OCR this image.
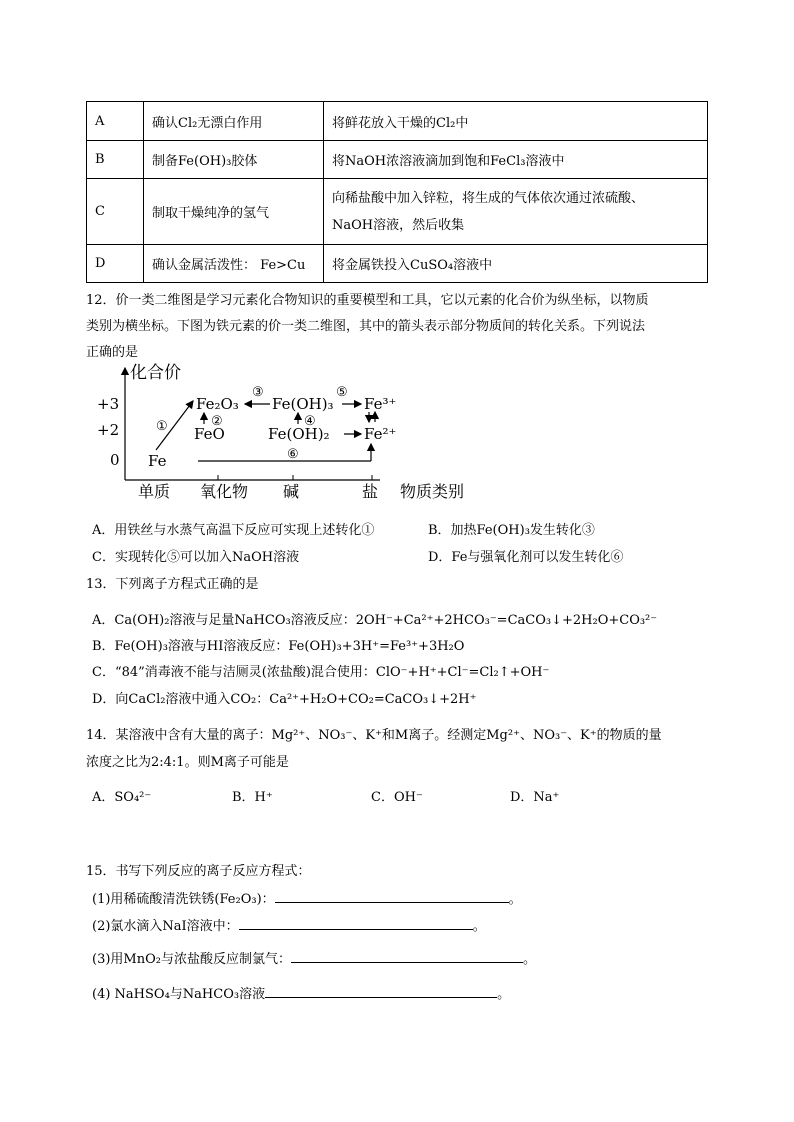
A	确认Cl₂无漂白作用	将鲜花放入干燥的Cl₂中
B	制备Fe(OH)₃胶体	将NaOH浓溶液滴加到饱和FeCl₃溶液中
C	制取干燥纯净的氢气	向稀盐酸中加入锌粒，将生成的气体依次通过浓硫酸、
NaOH溶液，然后收集
D	确认金属活泼性： Fe>Cu	将金属铁投入CuSO₄溶液中
12．价一类二维图是学习元素化合物知识的重要模型和工具，它以元素的化合价为纵坐标，以物质
类别为横坐标。下图为铁元素的价一类二维图，其中的箭头表示部分物质间的转化关系。下列说法
正确的是
化合价
物质类别
+3
+2
0
单质 氧化物 碱	盐
Fe
Fe₂O₃
FeO
Fe(OH)₃
Fe(OH)₂
Fe³⁺
Fe²⁺
①	②
③
④
⑤
⑥
A．用铁丝与水蒸气高温下反应可实现上述转化①	B．加热Fe(OH)₃发生转化③
C．实现转化⑤可以加入NaOH溶液	D．Fe与强氧化剂可以发生转化⑥
13．下列离子方程式正确的是
A．Ca(OH)₂溶液与足量NaHCO₃溶液反应：2OH⁻+Ca²⁺+2HCO₃⁻=CaCO₃↓+2H₂O+CO₃²⁻
B．Fe(OH)₃溶液与HI溶液反应：Fe(OH)₃+3H⁺=Fe³⁺+3H₂O
C．“84”消毒液不能与洁厕灵(浓盐酸)混合使用：ClO⁻+H⁺+Cl⁻=Cl₂↑+OH⁻
D．向CaCl₂溶液中通入CO₂：Ca²⁺+H₂O+CO₂=CaCO₃↓+2H⁺
14．某溶液中含有大量的离子：Mg²⁺、NO₃⁻、K⁺和M离子。经测定Mg²⁺、NO₃⁻、K⁺的物质的量
浓度之比为2:4:1。则M离子可能是
A．SO₄²⁻	B．H⁺	C．OH⁻	D．Na⁺
15．书写下列反应的离子反应方程式：
(1)用稀硫酸清洗铁锈(Fe₂O₃)：	。
(2)氯水滴入NaI溶液中：	。
(3)用MnO₂与浓盐酸反应制氯气：	。
(4) NaHSO₄与NaHCO₃溶液	。
